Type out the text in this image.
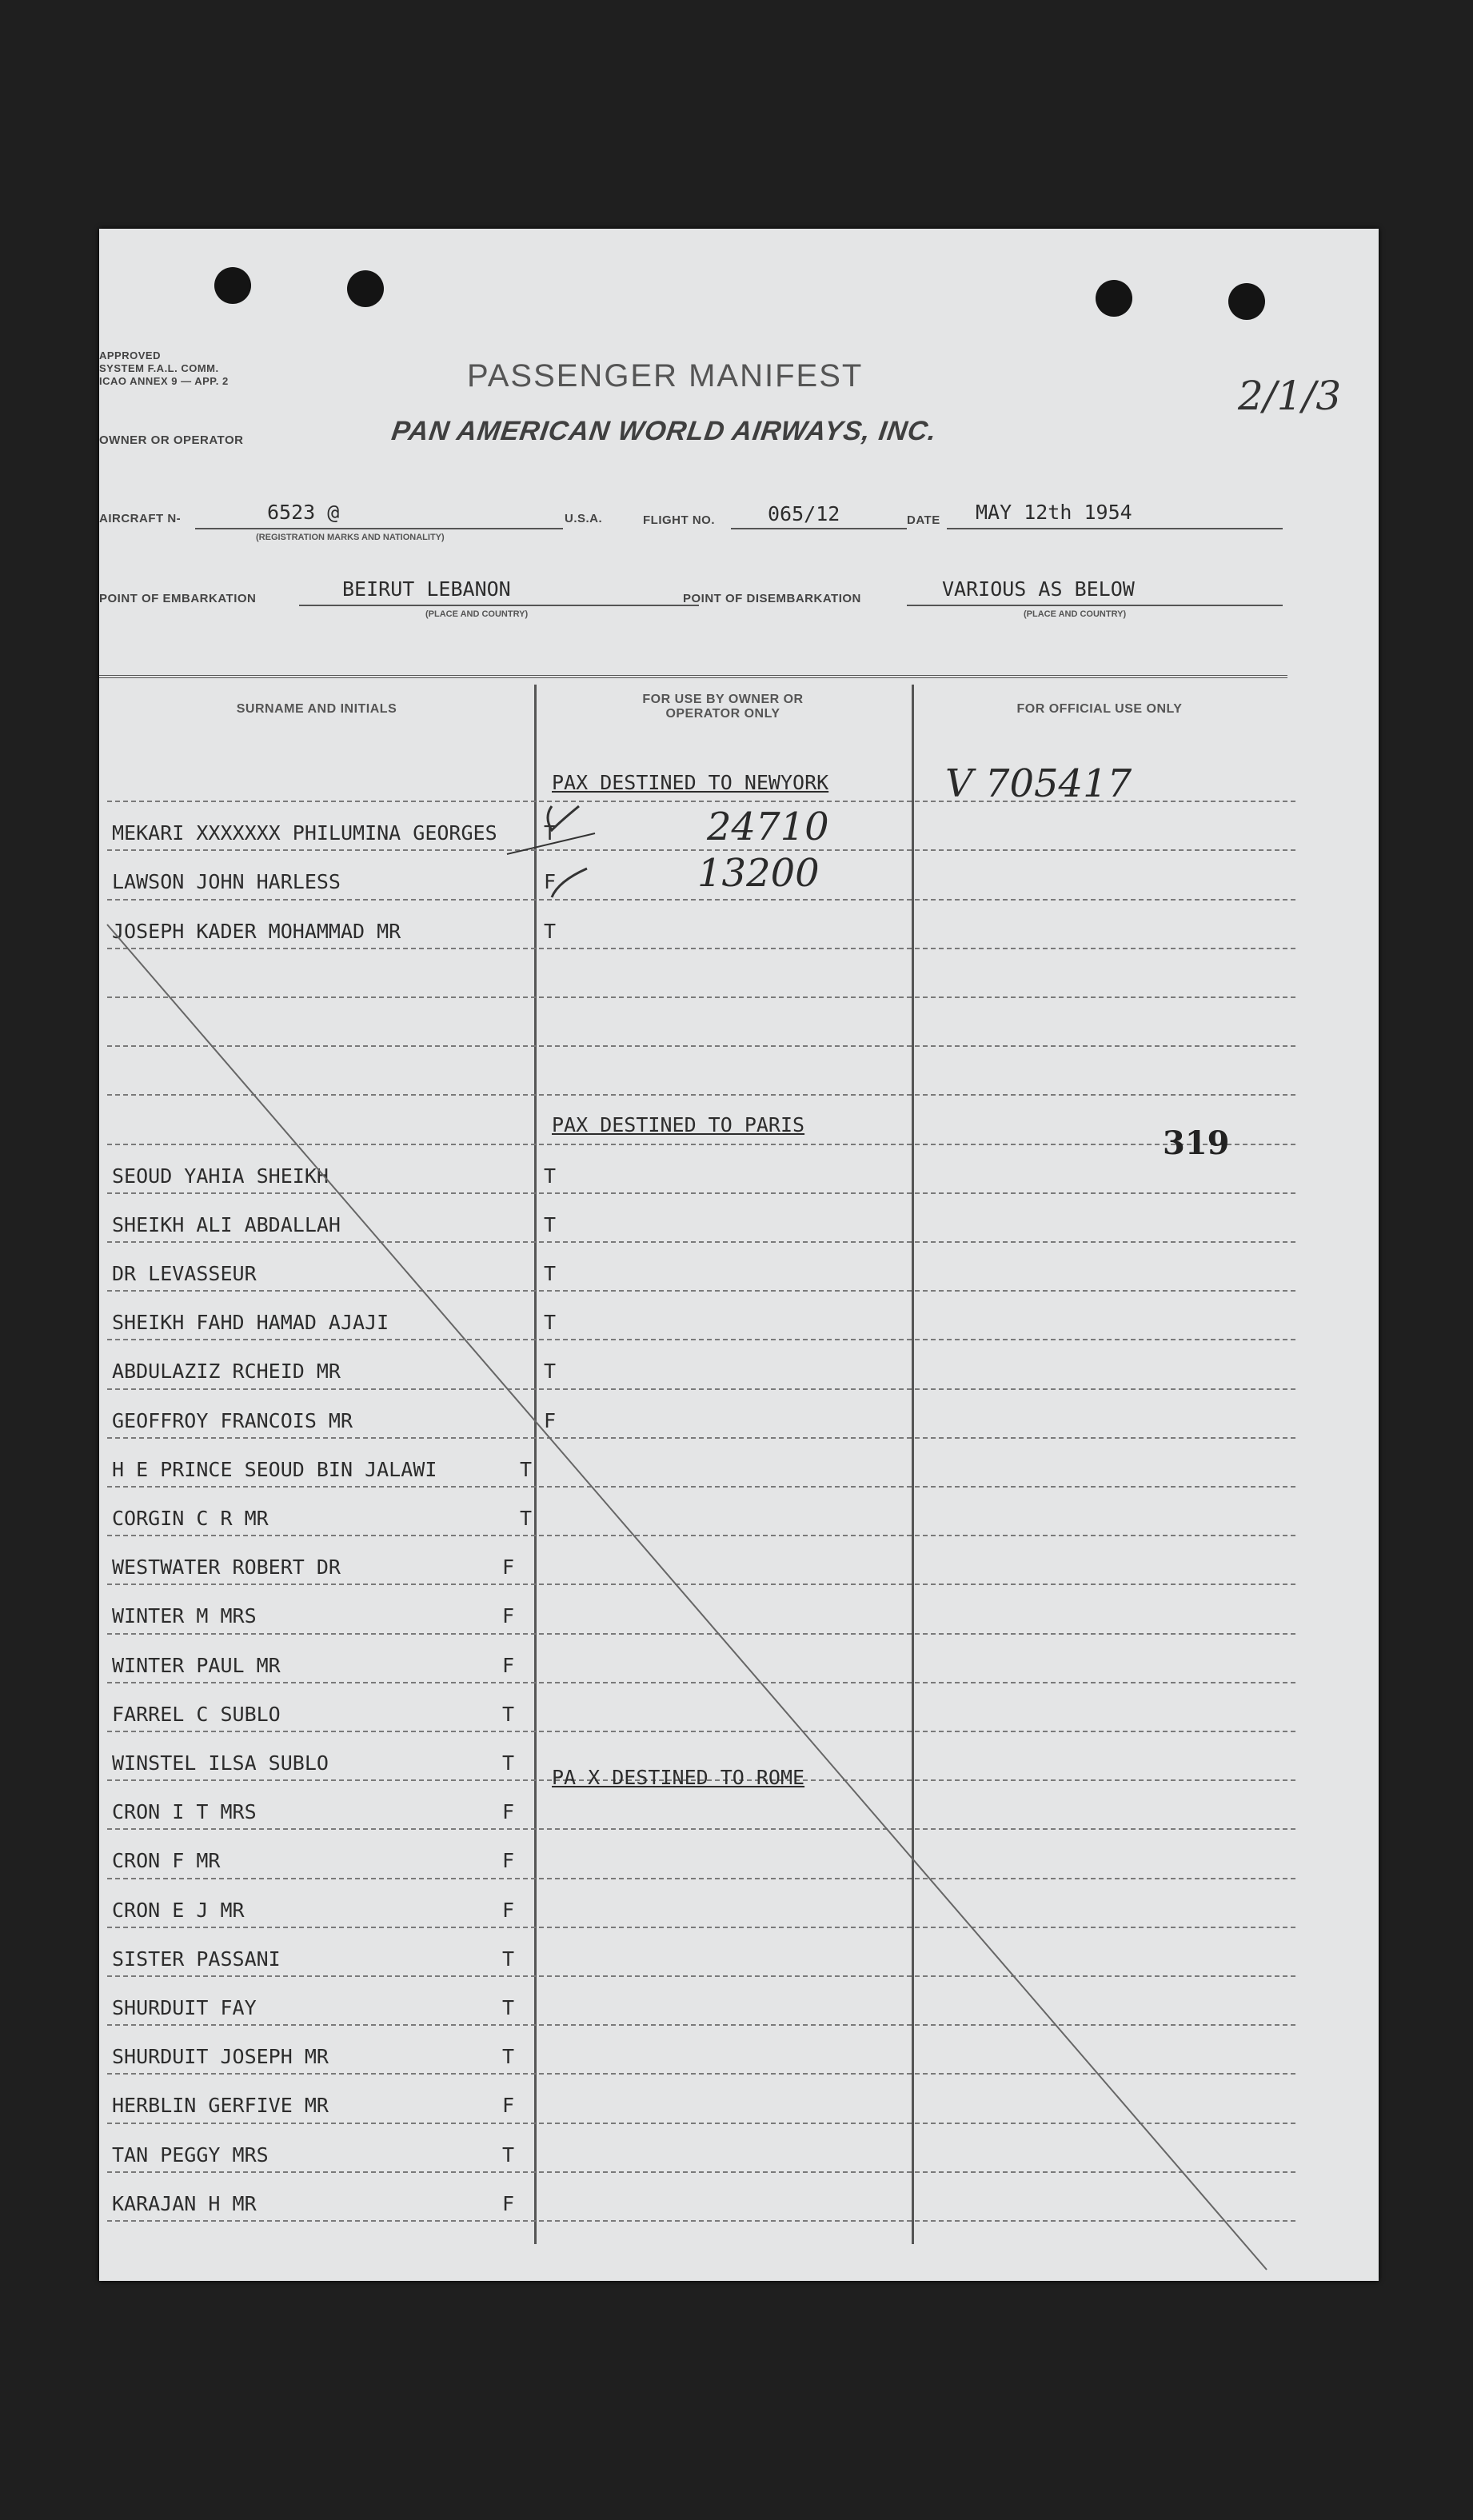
APPROVED
SYSTEM F.A.L. COMM.
ICAO ANNEX 9 — APP. 2	PASSENGER MANIFEST
OWNER OR OPERATOR	PAN AMERICAN WORLD AIRWAYS, INC.
2/1/3
AIRCRAFT N-	6523 @
(REGISTRATION MARKS AND NATIONALITY)
U.S.A.	FLIGHT NO.	065/12	DATE MAY 12th 1954
POINT OF EMBARKATION	BEIRUT LEBANON
(PLACE AND COUNTRY)
POINT OF DISEMBARKATION	VARIOUS AS BELOW
(PLACE AND COUNTRY)
SURNAME AND INITIALS
FOR USE BY OWNER OR OPERATOR ONLY	FOR OFFICIAL USE ONLY
PAX DESTINED TO NEWYORK
MEKARI XXXXXXX PHILUMINA GEORGES T
LAWSON JOHN HARLESS	F
JOSEPH KADER MOHAMMAD MR	T
PAX DESTINED TO PARIS
SEOUD YAHIA SHEIKH	T
SHEIKH ALI ABDALLAH	T
DR LEVASSEUR	T
SHEIKH FAHD HAMAD AJAJI	T
ABDULAZIZ RCHEID MR	T
GEOFFROY FRANCOIS MR	F
H E PRINCE SEOUD BIN JALAWI	T
CORGIN C R MR	T
WESTWATER ROBERT DR	F
WINTER M MRS	F
WINTER PAUL MR	F
FARREL C SUBLO	T
WINSTEL ILSA SUBLO	T
PA X DESTINED TO ROME
CRON I T MRS	F
CRON F MR	F
CRON E J MR	F
SISTER PASSANI	T
SHURDUIT FAY	T
SHURDUIT JOSEPH MR	T
HERBLIN GERFIVE MR	F
TAN PEGGY MRS	T
KARAJAN H MR	F
V 705417
24710
13200
319
